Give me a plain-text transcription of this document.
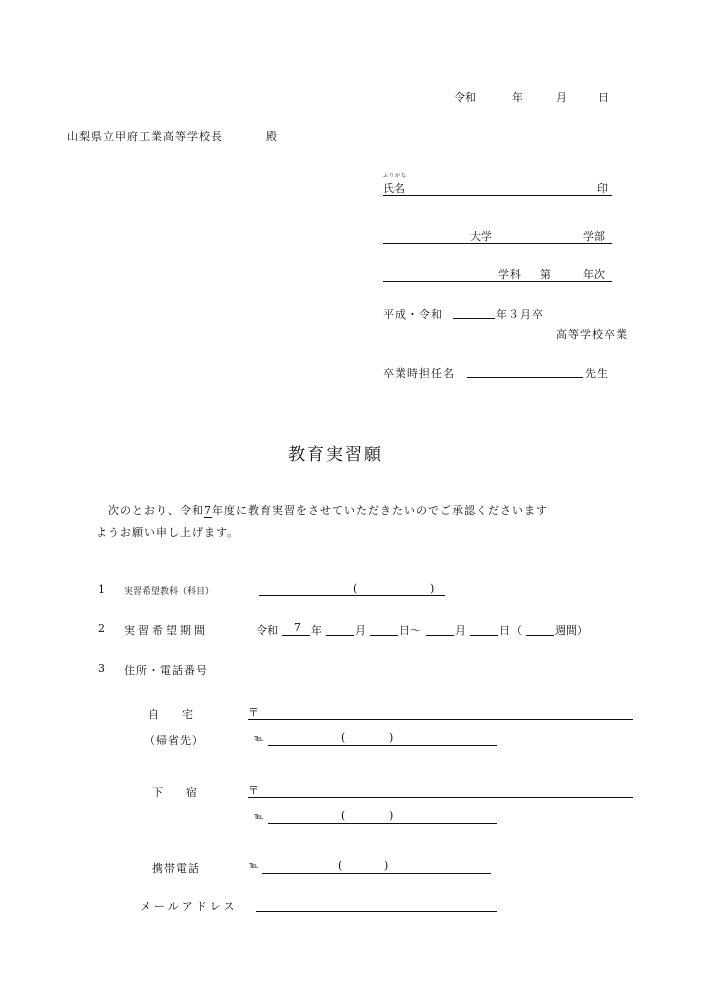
令和	年	月	日
山梨県立甲府工業高等学校長	殿
ふりがな
氏名	印
大学	学部
学科 第	年次
平成・令和	年３月卒
高等学校卒業
卒業時担任名	先生
教育実習願
次のとおり、令和7年度に教育実習をさせていただきたいのでご承認くださいます
ようお願い申し上げます。
1 実習希望教科（科目）	(	)
2 実習希望期間	令和 7 年	月	日～	月	日 （	週間）
3 住所・電話番号
自　宅	〒
（帰省先）	℡	(	)
下　宿	〒
℡	(	)
携帯電話	℡	(	)
メールアドレス
